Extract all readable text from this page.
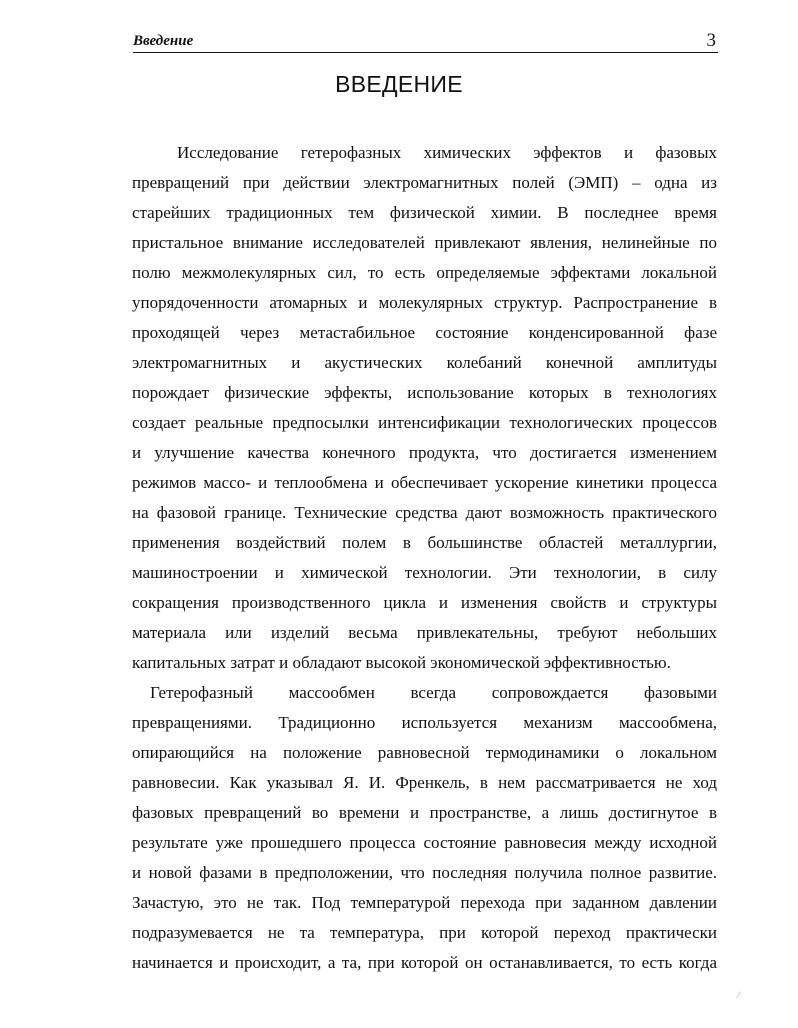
Введение	3
ВВЕДЕНИЕ
Исследование гетерофазных химических эффектов и фазовых
превращений при действии электромагнитных полей (ЭМП) – одна из
старейших традиционных тем физической химии. В последнее время
пристальное внимание исследователей привлекают явления, нелинейные по
полю межмолекулярных сил, то есть определяемые эффектами локальной
упорядоченности атомарных и молекулярных структур. Распространение в
проходящей через метастабильное состояние конденсированной фазе
электромагнитных и акустических колебаний конечной амплитуды
порождает физические эффекты, использование которых в технологиях
создает реальные предпосылки интенсификации технологических процессов
и улучшение качества конечного продукта, что достигается изменением
режимов массо- и теплообмена и обеспечивает ускорение кинетики процесса
на фазовой границе. Технические средства дают возможность практического
применения воздействий полем в большинстве областей металлургии,
машиностроении и химической технологии. Эти технологии, в силу
сокращения производственного цикла и изменения свойств и структуры
материала или изделий весьма привлекательны, требуют небольших
капитальных затрат и обладают высокой экономической эффективностью.
Гетерофазный массообмен всегда сопровождается фазовыми
превращениями. Традиционно используется механизм массообмена,
опирающийся на положение равновесной термодинамики о локальном
равновесии. Как указывал Я. И. Френкель, в нем рассматривается не ход
фазовых превращений во времени и пространстве, а лишь достигнутое в
результате уже прошедшего процесса состояние равновесия между исходной
и новой фазами в предположении, что последняя получила полное развитие.
Зачастую, это не так. Под температурой перехода при заданном давлении
подразумевается не та температура, при которой переход практически
начинается и происходит, а та, при которой он останавливается, то есть когда
⁄
